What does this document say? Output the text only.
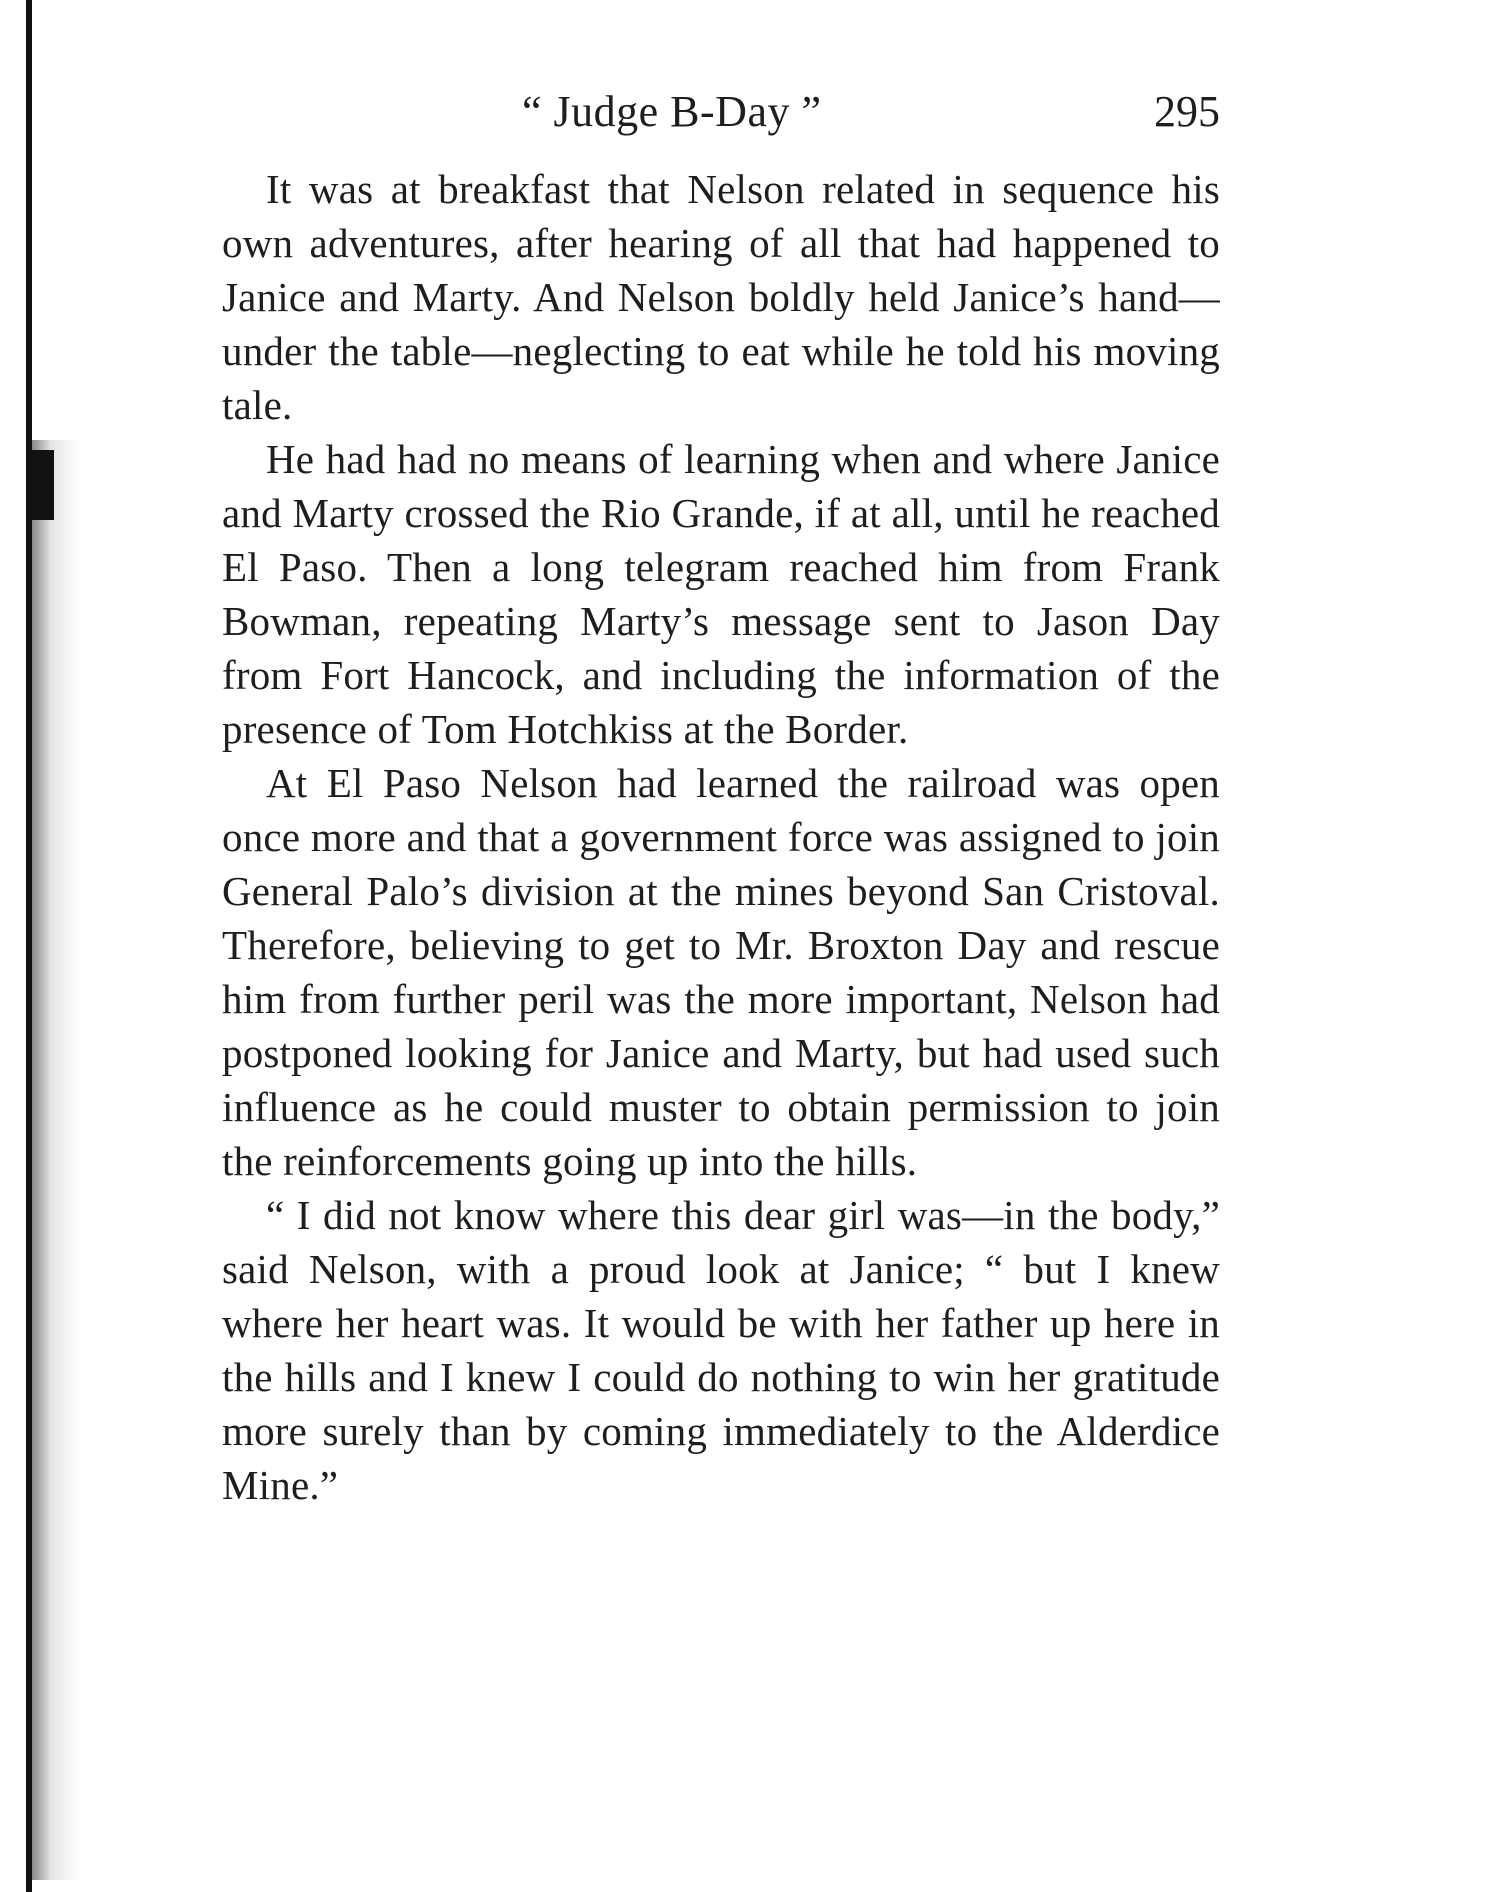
“ Judge B-Day ”	295

It was at breakfast that Nelson related in sequence his own adventures, after hearing of all that had happened to Janice and Marty. And Nelson boldly held Janice’s hand—under the table—neglecting to eat while he told his moving tale.

He had had no means of learning when and where Janice and Marty crossed the Rio Grande, if at all, until he reached El Paso. Then a long telegram reached him from Frank Bowman, repeating Marty’s message sent to Jason Day from Fort Hancock, and including the information of the presence of Tom Hotchkiss at the Border.

At El Paso Nelson had learned the railroad was open once more and that a government force was assigned to join General Palo’s division at the mines beyond San Cristoval. Therefore, believing to get to Mr. Broxton Day and rescue him from further peril was the more important, Nelson had postponed looking for Janice and Marty, but had used such influence as he could muster to obtain permission to join the reinforcements going up into the hills.

“ I did not know where this dear girl was—in the body,” said Nelson, with a proud look at Janice; “ but I knew where her heart was. It would be with her father up here in the hills and I knew I could do nothing to win her gratitude more surely than by coming immediately to the Alderdice Mine.”
